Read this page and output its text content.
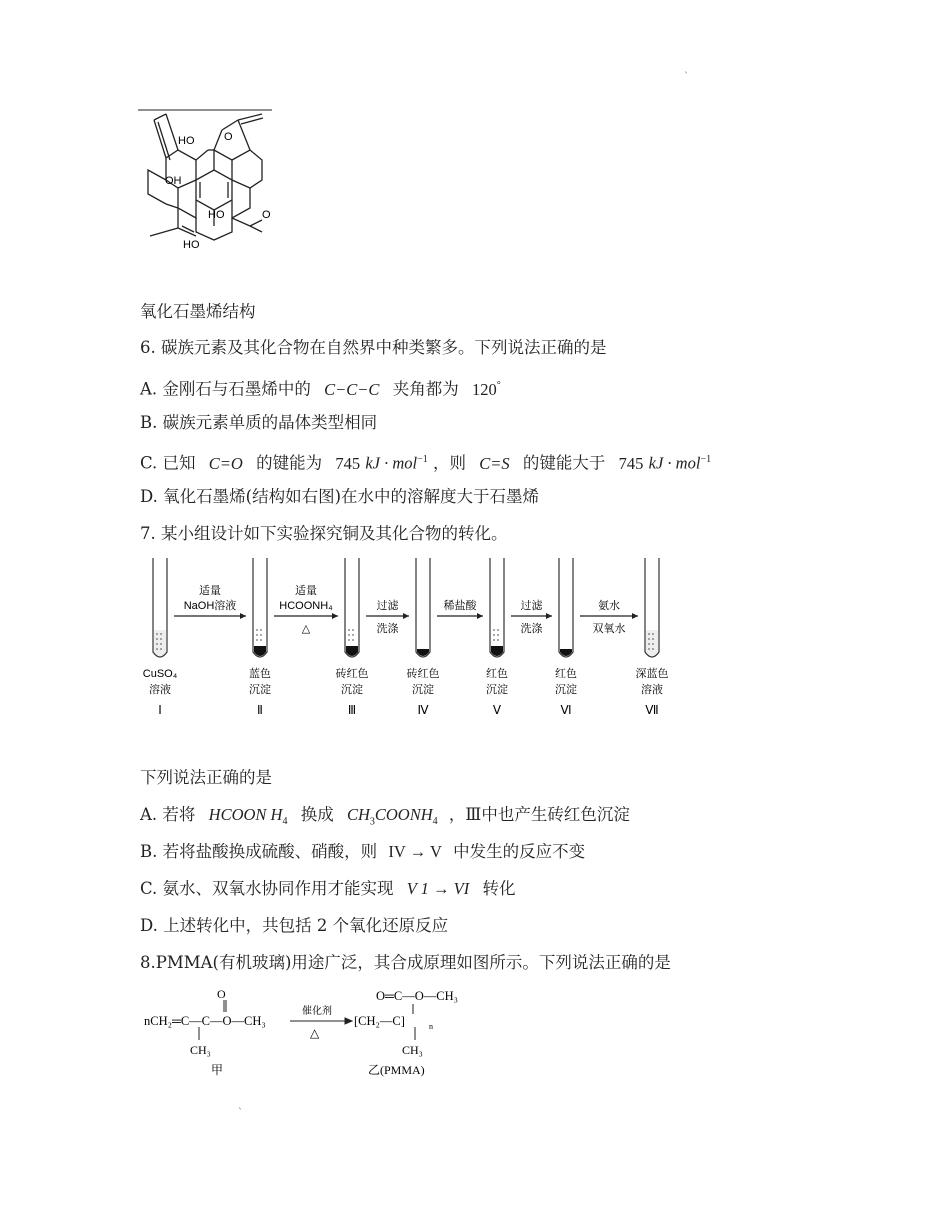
`
`
HO	O
OH
HO	O
HO
氧化石墨烯结构
6. 碳族元素及其化合物在自然界中种类繁多。下列说法正确的是
A. 金刚石与石墨烯中的 C−C−C 夹角都为 120°
B. 碳族元素单质的晶体类型相同
C. 已知 C=O 的键能为 745 kJ · mol$^{-1}$ ，则 C=S 的键能大于 745 kJ · mol$^{-1}$
D. 氧化石墨烯(结构如右图)在水中的溶解度大于石墨烯
7. 某小组设计如下实验探究铜及其化合物的转化。
CuSO₄
溶液
Ⅰ
蓝色
沉淀
Ⅱ
砖红色
沉淀
Ⅲ
砖红色
沉淀
Ⅳ
红色
沉淀
Ⅴ
红色
沉淀
Ⅵ
深蓝色
溶液
Ⅶ
适量
NaOH溶液
适量
HCOONH₄
△
过滤
洗涤
稀盐酸	过滤
洗涤
氨水
双氧水
下列说法正确的是
A. 若将 HCOON $H_4$ 换成 $CH_3COONH_4$ ，Ⅲ中也产生砖红色沉淀
B. 若将盐酸换成硫酸、硝酸，则 IV → V 中发生的反应不变
C. 氨水、双氧水协同作用才能实现 V 1 → VI 转化
D. 上述转化中，共包括 2 个氧化还原反应
8.PMMA(有机玻璃)用途广泛，其合成原理如图所示。下列说法正确的是
O
nCH₂═C—C—O—CH₃
CH₃
甲
催化剂
△
O═C—O—CH₃
[CH₂—C]	n
CH₃
乙(PMMA)
